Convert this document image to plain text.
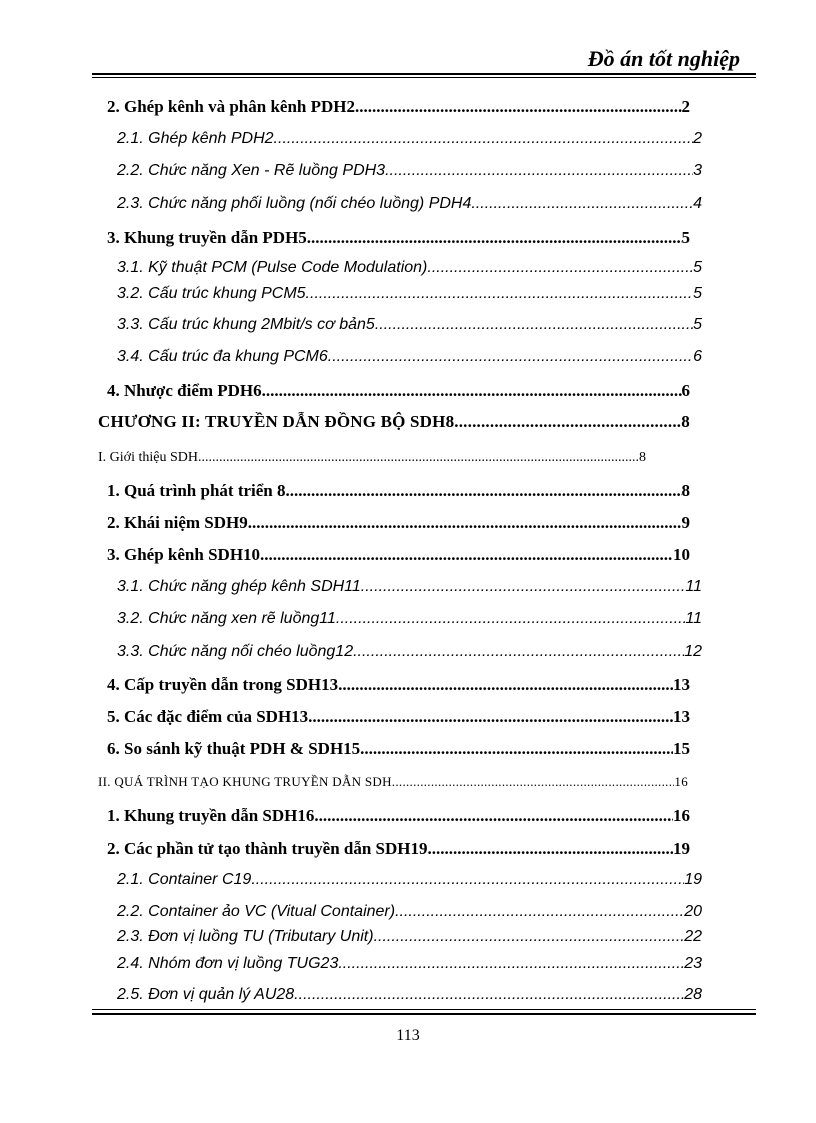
Đồ án tốt nghiệp
2. Ghép kênh và phân kênh PDH2 .....	2
2.1. Ghép kênh PDH2 .....	2
2.2. Chức năng Xen - Rẽ luồng PDH3 .....	3
2.3. Chức năng phối luồng (nối chéo luồng) PDH4 .....	4
3. Khung truyền dẫn PDH5 .....	5
3.1. Kỹ thuật PCM (Pulse Code Modulation) .....	5
3.2. Cấu trúc khung PCM5 .....	5
3.3. Cấu trúc khung 2Mbit/s cơ bản5 .....	5
3.4. Cấu trúc đa khung PCM6 .....	6
4. Nhược điểm PDH6 .....	6
CHƯƠNG II: TRUYỀN DẪN ĐỒNG BỘ SDH8 .....	8
I. Giới thiệu SDH .....	8
1. Quá trình phát triển 8 .....	8
2. Khái niệm SDH9 .....	9
3. Ghép kênh SDH10 .....	10
3.1. Chức năng ghép kênh SDH11 .....	11
3.2. Chức năng xen rẽ luồng11 .....	11
3.3. Chức năng nối chéo luồng12 .....	12
4. Cấp truyền dẫn trong SDH13 .....	13
5. Các đặc điểm của SDH13 .....	13
6. So sánh kỹ thuật PDH & SDH15 .....	15
II. QUÁ TRÌNH TẠO KHUNG TRUYỀN DẪN SDH .....	16
1. Khung truyền dẫn SDH16 .....	16
2. Các phần tử tạo thành truyền dẫn SDH19 .....	19
2.1. Container C19 .....	19
2.2. Container ảo VC (Vitual Container) .....	20
2.3. Đơn vị luồng TU (Tributary Unit) .....	22
2.4. Nhóm đơn vị luồng TUG23 .....	23
2.5. Đơn vị quản lý AU28 .....	28
113
